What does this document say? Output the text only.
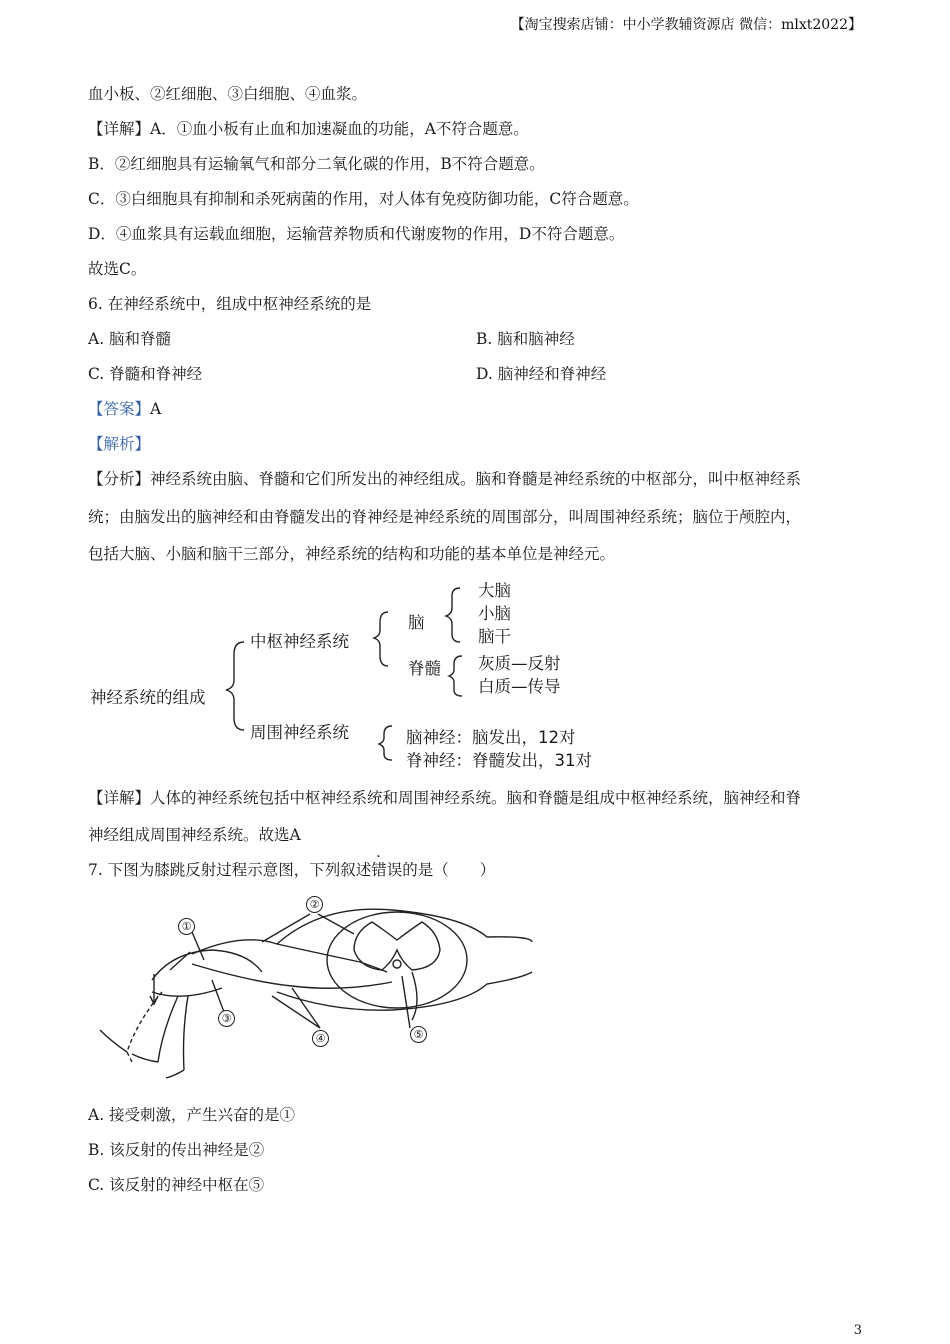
【淘宝搜索店铺：中小学教辅资源店 微信：mlxt2022】
血小板、②红细胞、③白细胞、④血浆。
【详解】A．①血小板有止血和加速凝血的功能，A不符合题意。
B．②红细胞具有运输氧气和部分二氧化碳的作用，B不符合题意。
C．③白细胞具有抑制和杀死病菌的作用，对人体有免疫防御功能，C符合题意。
D．④血浆具有运载血细胞，运输营养物质和代谢废物的作用，D不符合题意。
故选C。
6. 在神经系统中，组成中枢神经系统的是
A. 脑和脊髓	B. 脑和脑神经
C. 脊髓和脊神经	D. 脑神经和脊神经
【答案】A
【解析】
【分析】神经系统由脑、脊髓和它们所发出的神经组成。脑和脊髓是神经系统的中枢部分，叫中枢神经系
统；由脑发出的脑神经和由脊髓发出的脊神经是神经系统的周围部分，叫周围神经系统；脑位于颅腔内，
包括大脑、小脑和脑干三部分，神经系统的结构和功能的基本单位是神经元。
神经系统的组成
中枢神经系统
周围神经系统
脑
大脑
小脑
脑干
脊髓 灰质—反射
白质—传导
脑神经：脑发出，12对
脊神经：脊髓发出，31对
【详解】人体的神经系统包括中枢神经系统和周围神经系统。脑和脊髓是组成中枢神经系统，脑神经和脊
神经组成周围神经系统。故选A
7. 下图为膝跳反射过程示意图，下列叙述错误的是（　　）
①
②
③
④	⑤
A. 接受刺激，产生兴奋的是①
B. 该反射的传出神经是②
C. 该反射的神经中枢在⑤
3
